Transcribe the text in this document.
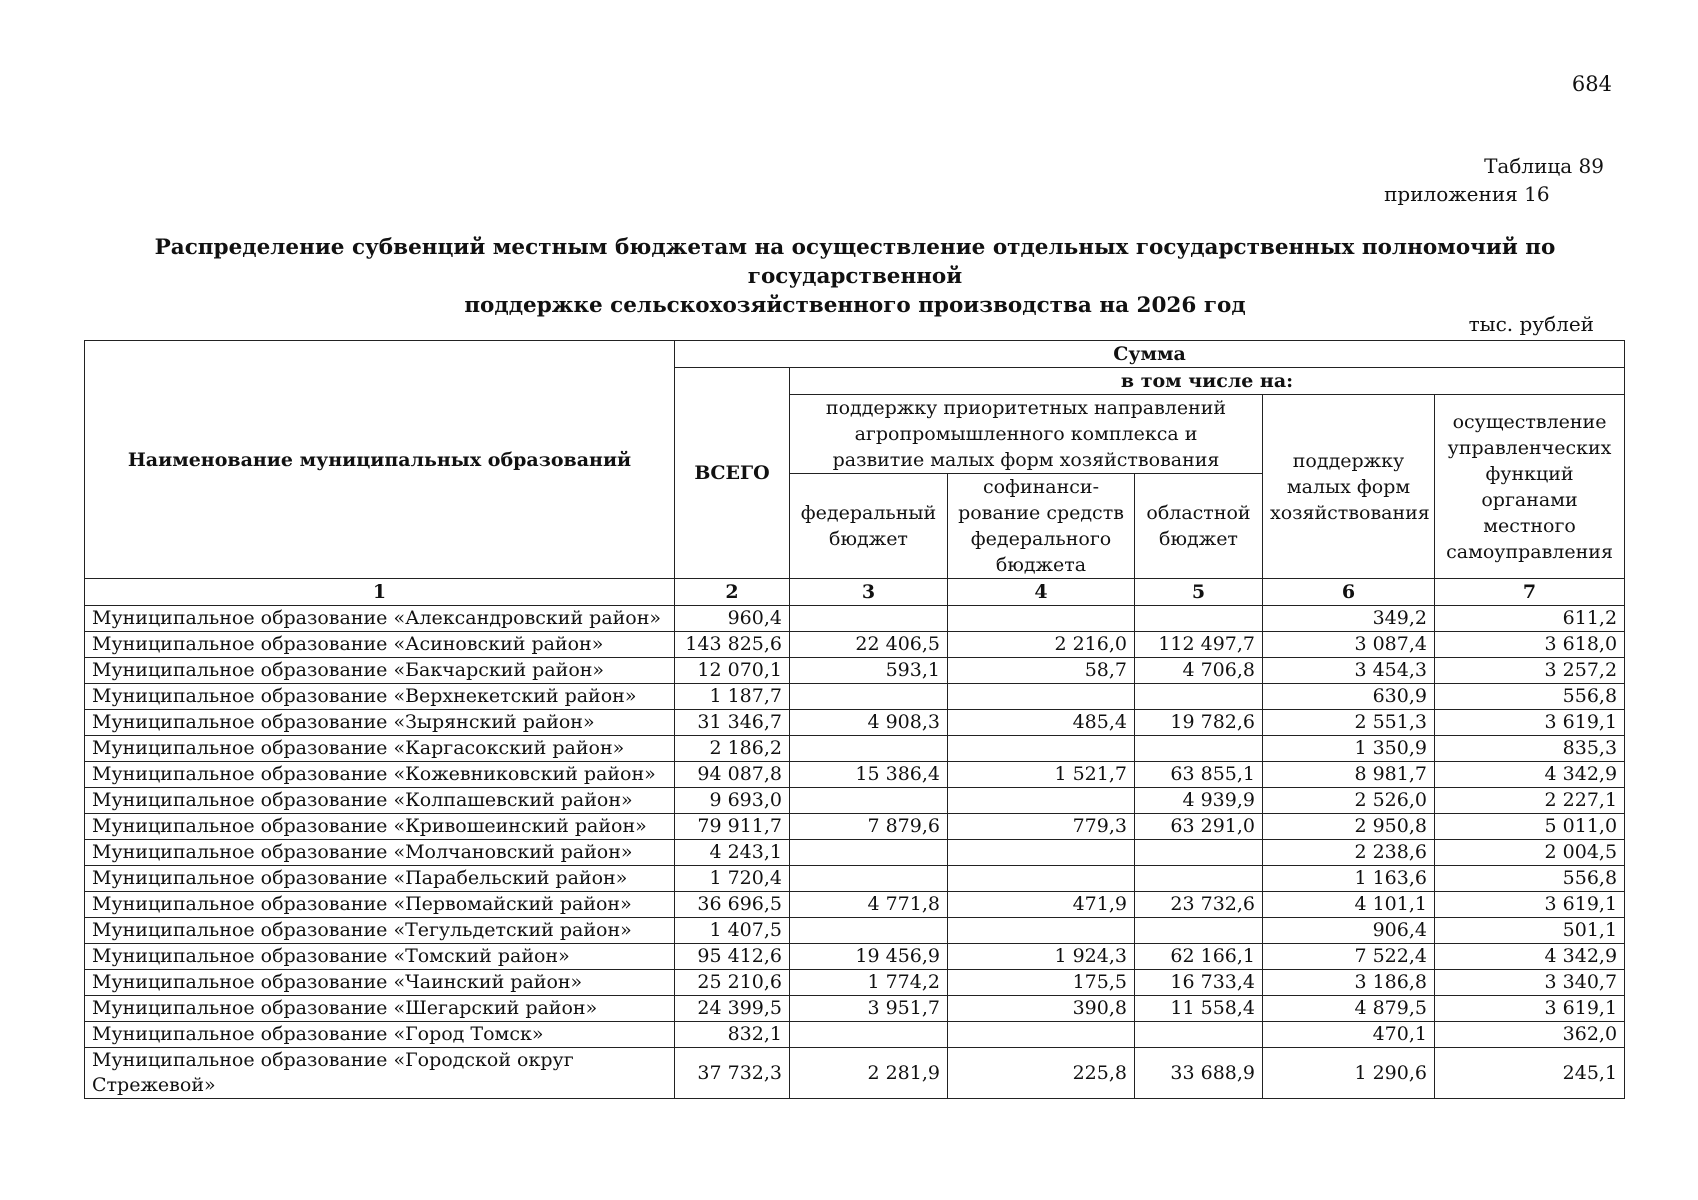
684
Таблица 89
приложения 16
Распределение субвенций местным бюджетам на осуществление отдельных государственных полномочий по государственной
поддержке сельскохозяйственного производства на 2026 год
тыс. рублей
Наименование муниципальных образований	Сумма					
	ВСЕГО	в том числе на:				
		поддержку приоритетных направлений агропромышленного комплекса и развитие малых форм хозяйствования			поддержку малых форм хозяйствования	осуществление управленческих функций органами местного самоуправления
		федеральный бюджет	софинанси-рование средств федерального бюджета	областной бюджет		
1	2	3	4	5	6	7
Муниципальное образование «Александровский район»	960,4				349,2	611,2
Муниципальное образование «Асиновский район»	143 825,6	22 406,5	2 216,0	112 497,7	3 087,4	3 618,0
Муниципальное образование «Бакчарский район»	12 070,1	593,1	58,7	4 706,8	3 454,3	3 257,2
Муниципальное образование «Верхнекетский район»	1 187,7				630,9	556,8
Муниципальное образование «Зырянский район»	31 346,7	4 908,3	485,4	19 782,6	2 551,3	3 619,1
Муниципальное образование «Каргасокский район»	2 186,2				1 350,9	835,3
Муниципальное образование «Кожевниковский район»	94 087,8	15 386,4	1 521,7	63 855,1	8 981,7	4 342,9
Муниципальное образование «Колпашевский район»	9 693,0			4 939,9	2 526,0	2 227,1
Муниципальное образование «Кривошеинский район»	79 911,7	7 879,6	779,3	63 291,0	2 950,8	5 011,0
Муниципальное образование «Молчановский район»	4 243,1				2 238,6	2 004,5
Муниципальное образование «Парабельский район»	1 720,4				1 163,6	556,8
Муниципальное образование «Первомайский район»	36 696,5	4 771,8	471,9	23 732,6	4 101,1	3 619,1
Муниципальное образование «Тегульдетский район»	1 407,5				906,4	501,1
Муниципальное образование «Томский район»	95 412,6	19 456,9	1 924,3	62 166,1	7 522,4	4 342,9
Муниципальное образование «Чаинский район»	25 210,6	1 774,2	175,5	16 733,4	3 186,8	3 340,7
Муниципальное образование «Шегарский район»	24 399,5	3 951,7	390,8	11 558,4	4 879,5	3 619,1
Муниципальное образование «Город Томск»	832,1				470,1	362,0
Муниципальное образование «Городской округ Стрежевой»	37 732,3	2 281,9	225,8	33 688,9	1 290,6	245,1
